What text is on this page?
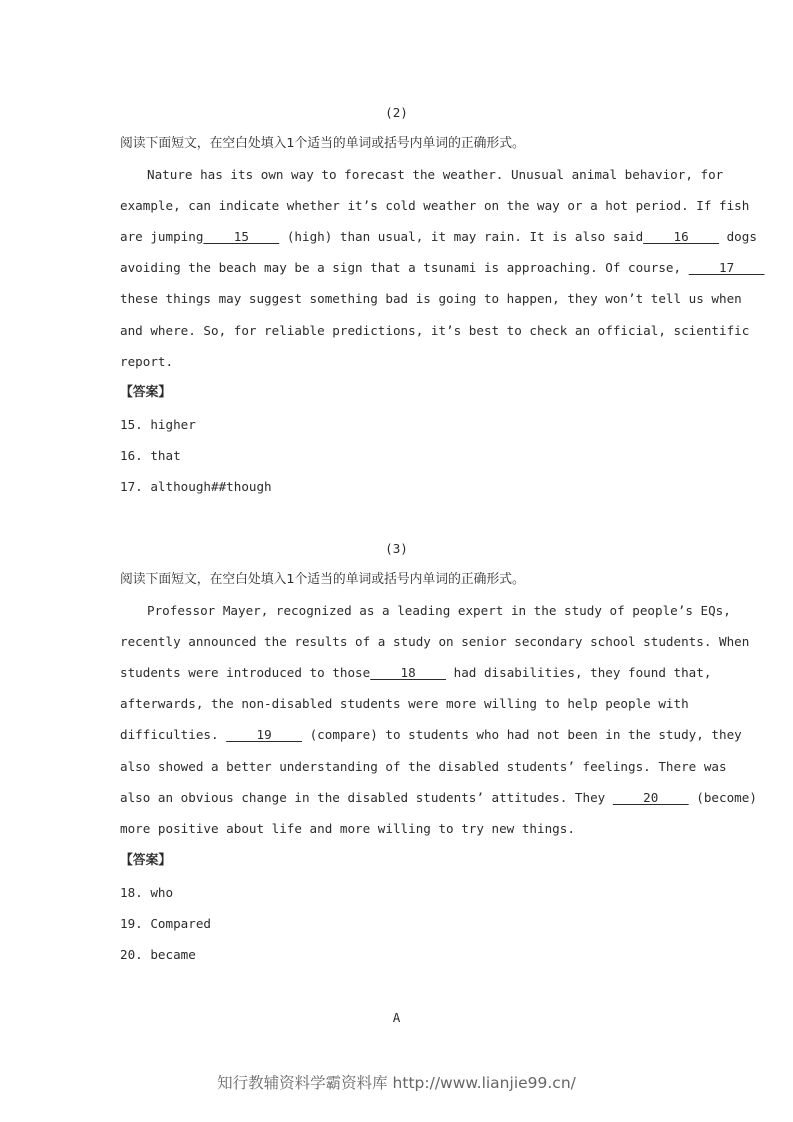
(2)
阅读下面短文，在空白处填入1个适当的单词或括号内单词的正确形式。
Nature has its own way to forecast the weather. Unusual animal behavior, for
example, can indicate whether it’s cold weather on the way or a hot period. If fish
are jumping    15     (high) than usual, it may rain. It is also said    16     dogs
avoiding the beach may be a sign that a tsunami is approaching. Of course,     17
these things may suggest something bad is going to happen, they won’t tell us when
and where. So, for reliable predictions, it’s best to check an official, scientific
report.
【答案】
15. higher
16. that
17. although##though
(3)
阅读下面短文，在空白处填入1个适当的单词或括号内单词的正确形式。
Professor Mayer, recognized as a leading expert in the study of people’s EQs,
recently announced the results of a study on senior secondary school students. When
students were introduced to those    18     had disabilities, they found that,
afterwards, the non-disabled students were more willing to help people with
difficulties.     19     (compare) to students who had not been in the study, they
also showed a better understanding of the disabled students’ feelings. There was
also an obvious change in the disabled students’ attitudes. They     20     (become)
more positive about life and more willing to try new things.
【答案】
18. who
19. Compared
20. became
A
知行教辅资料学霸资料库 http://www.lianjie99.cn/
